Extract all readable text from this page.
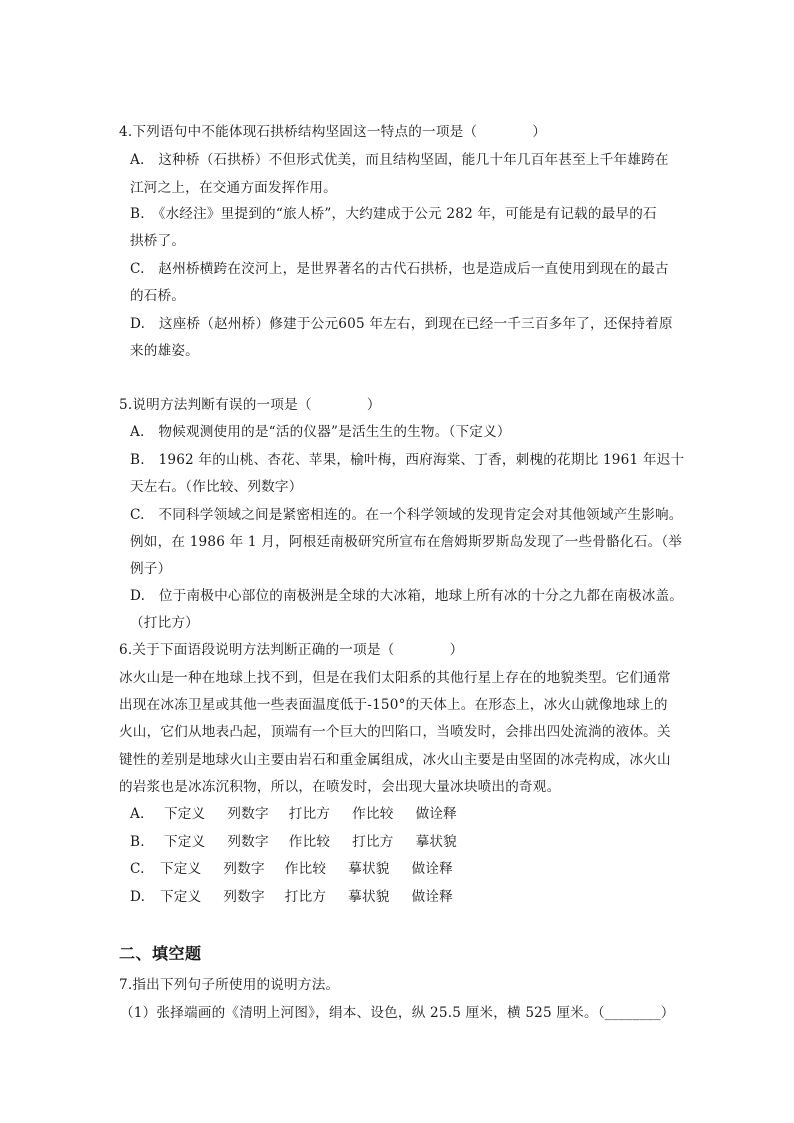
4.下列语句中不能体现石拱桥结构坚固这一特点的一项是（　　　　）
A.　这种桥（石拱桥）不但形式优美，而且结构坚固，能几十年几百年甚至上千年雄跨在
江河之上，在交通方面发挥作用。
B.　《水经注》里提到的“旅人桥”，大约建成于公元 282 年，可能是有记载的最早的石
拱桥了。
C.　赵州桥横跨在洨河上，是世界著名的古代石拱桥，也是造成后一直使用到现在的最古
的石桥。
D.　这座桥（赵州桥）修建于公元605 年左右，到现在已经一千三百多年了，还保持着原
来的雄姿。
5.说明方法判断有误的一项是（　　　　）
A.　物候观测使用的是“活的仪器”是活生生的生物。（下定义）
B.　1962 年的山桃、杏花、苹果，榆叶梅，西府海棠、丁香，刺槐的花期比 1961 年迟十
天左右。（作比较、列数字）
C.　不同科学领域之间是紧密相连的。在一个科学领域的发现肯定会对其他领域产生影响。
例如，在 1986 年 1 月，阿根廷南极研究所宣布在詹姆斯罗斯岛发现了一些骨骼化石。（举
例子）
D.　位于南极中心部位的南极洲是全球的大冰箱，地球上所有冰的十分之九都在南极冰盖。
（打比方）
6.关于下面语段说明方法判断正确的一项是（　　　　）
冰火山是一种在地球上找不到，但是在我们太阳系的其他行星上存在的地貌类型。它们通常
出现在冰冻卫星或其他一些表面温度低于-150°的天体上。在形态上，冰火山就像地球上的
火山，它们从地表凸起，顶端有一个巨大的凹陷口，当喷发时，会排出四处流淌的液体。关
键性的差别是地球火山主要由岩石和重金属组成，冰火山主要是由坚固的冰壳构成，冰火山
的岩浆也是冰冻沉积物，所以，在喷发时，会出现大量冰块喷出的奇观。
A.	下定义 列数字 打比方 作比较 做诠释
B.	下定义 列数字 作比较 打比方 摹状貌
C.	下定义 列数字 作比较 摹状貌 做诠释
D.	下定义 列数字 打比方 摹状貌 做诠释
二、填空题
7.指出下列句子所使用的说明方法。
（1）张择端画的《清明上河图》，绢本、设色，纵 25.5 厘米，横 525 厘米。（________）
